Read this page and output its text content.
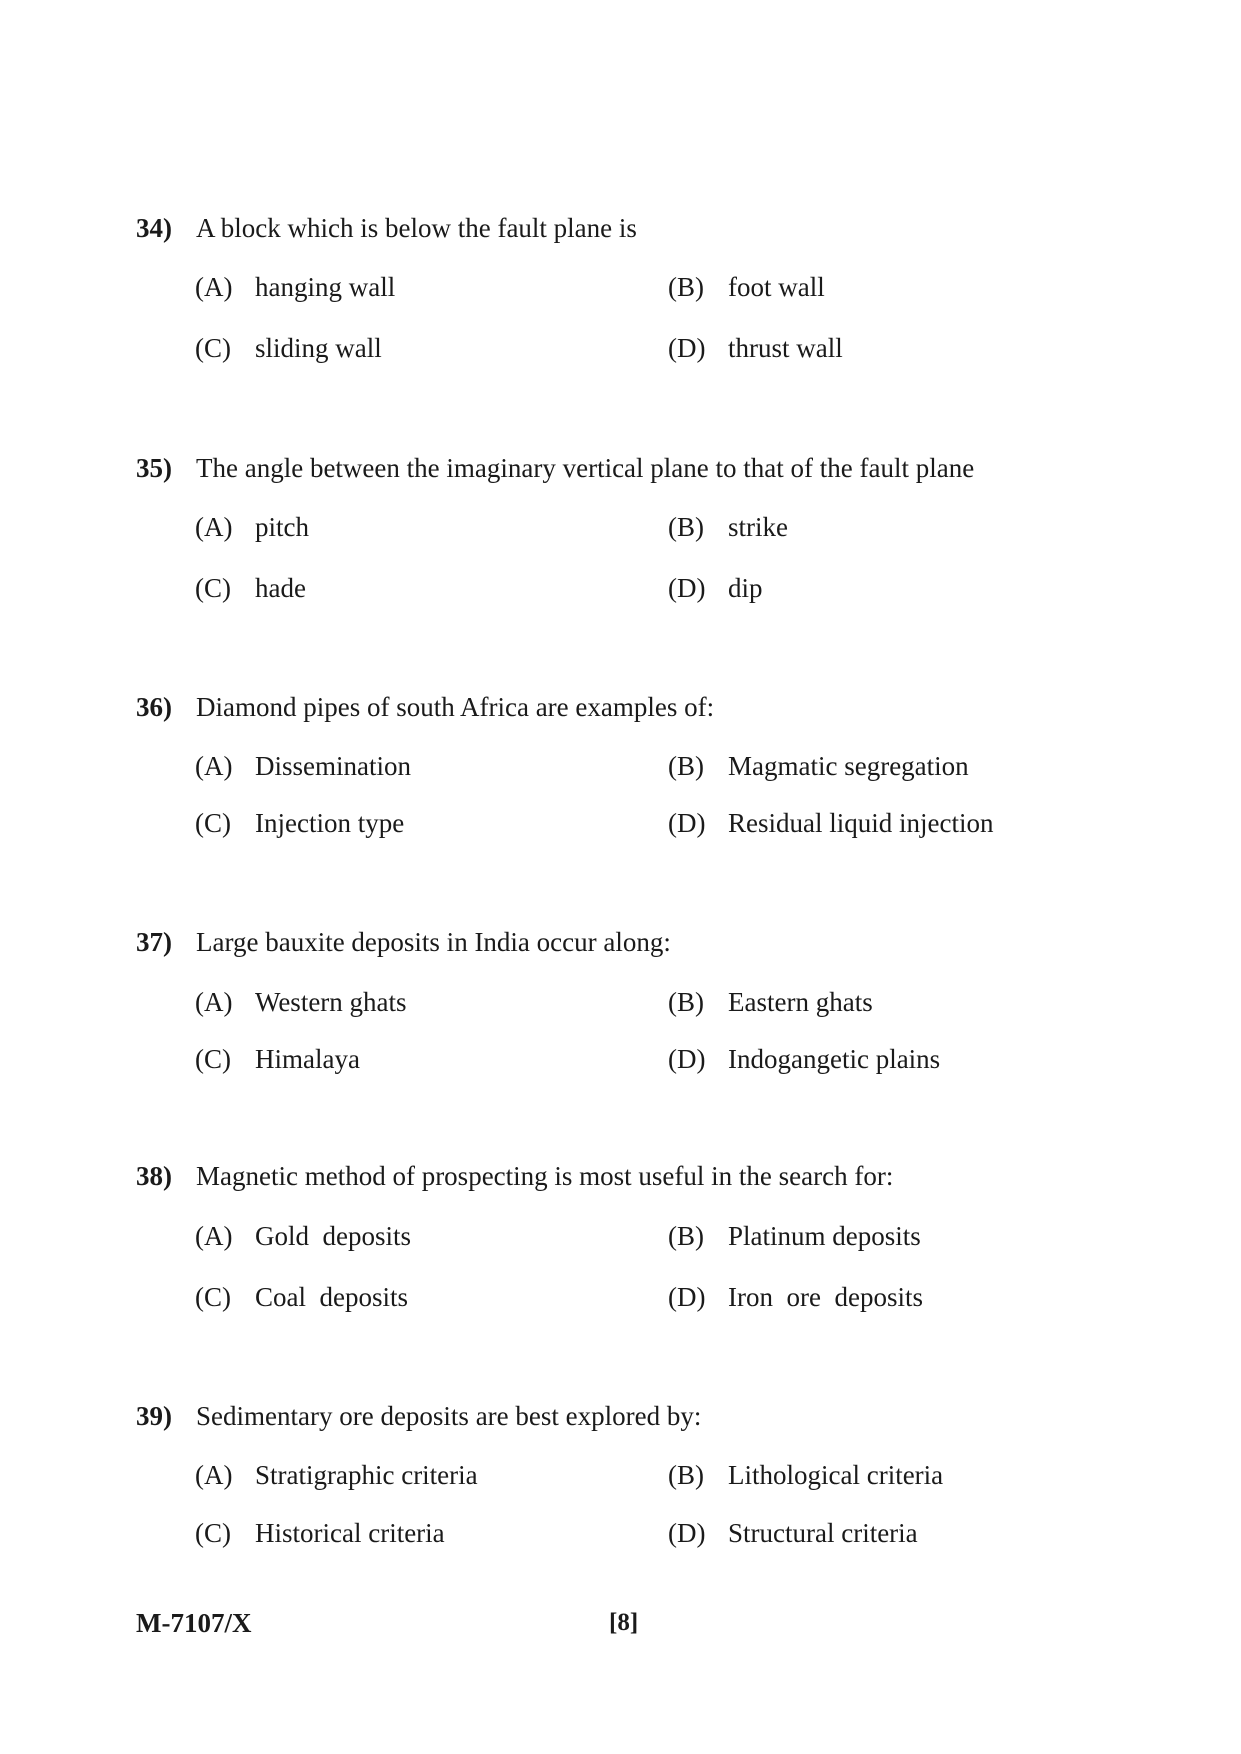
34) A block which is below the fault plane is
(A) hanging wall	(B) foot wall
(C) sliding wall	(D) thrust wall
35) The angle between the imaginary vertical plane to that of the fault plane
(A) pitch	(B) strike
(C) hade	(D) dip
36) Diamond pipes of south Africa are examples of:
(A) Dissemination	(B) Magmatic segregation
(C) Injection type	(D) Residual liquid injection
37) Large bauxite deposits in India occur along:
(A) Western ghats	(B) Eastern ghats
(C) Himalaya	(D) Indogangetic plains
38) Magnetic method of prospecting is most useful in the search for:
(A) Gold  deposits	(B) Platinum deposits
(C) Coal  deposits	(D) Iron  ore  deposits
39) Sedimentary ore deposits are best explored by:
(A) Stratigraphic criteria	(B) Lithological criteria
(C) Historical criteria	(D) Structural criteria
M-7107/X	[8]
